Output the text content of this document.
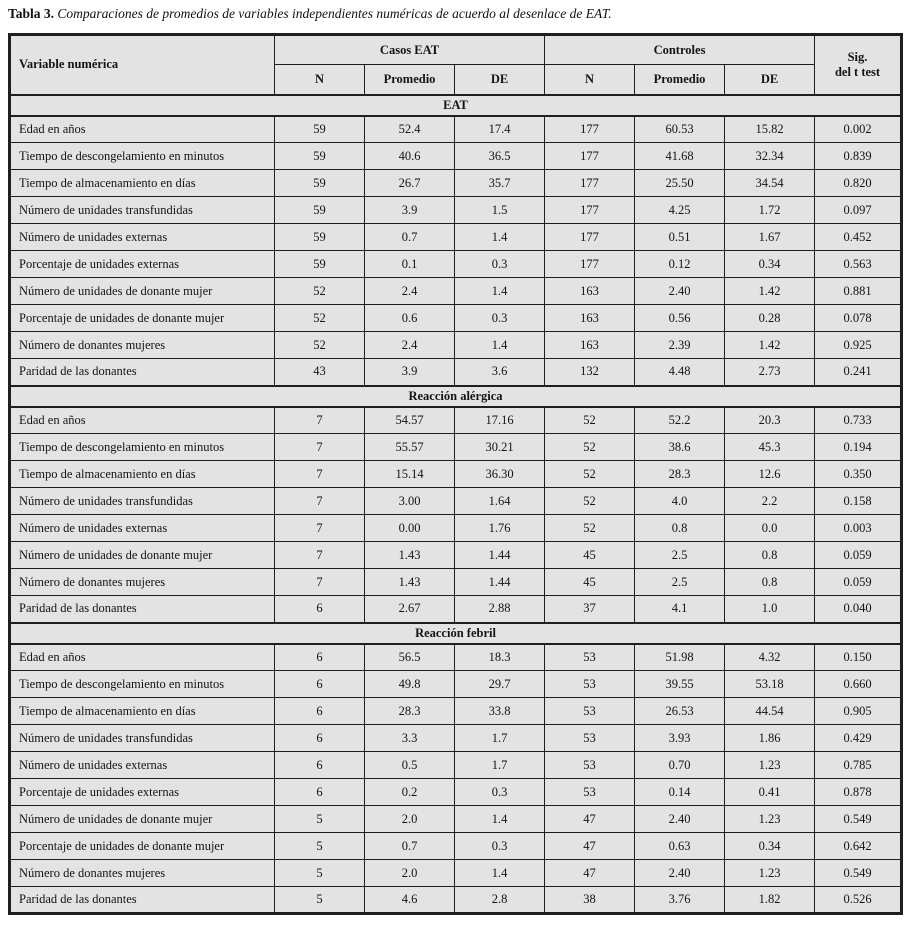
Tabla 3. Comparaciones de promedios de variables independientes numéricas de acuerdo al desenlace de EAT.

Variable numérica	Casos EAT			Controles			Sig.
del t test
	N	Promedio	DE	N	Promedio	DE	
EAT							
Edad en años	59	52.4	17.4	177	60.53	15.82	0.002
Tiempo de descongelamiento en minutos	59	40.6	36.5	177	41.68	32.34	0.839
Tiempo de almacenamiento en días	59	26.7	35.7	177	25.50	34.54	0.820
Número de unidades transfundidas	59	3.9	1.5	177	4.25	1.72	0.097
Número de unidades externas	59	0.7	1.4	177	0.51	1.67	0.452
Porcentaje de unidades externas	59	0.1	0.3	177	0.12	0.34	0.563
Número de unidades de donante mujer	52	2.4	1.4	163	2.40	1.42	0.881
Porcentaje de unidades de donante mujer	52	0.6	0.3	163	0.56	0.28	0.078
Número de donantes mujeres	52	2.4	1.4	163	2.39	1.42	0.925
Paridad de las donantes	43	3.9	3.6	132	4.48	2.73	0.241
Reacción alérgica							
Edad en años	7	54.57	17.16	52	52.2	20.3	0.733
Tiempo de descongelamiento en minutos	7	55.57	30.21	52	38.6	45.3	0.194
Tiempo de almacenamiento en días	7	15.14	36.30	52	28.3	12.6	0.350
Número de unidades transfundidas	7	3.00	1.64	52	4.0	2.2	0.158
Número de unidades externas	7	0.00	1.76	52	0.8	0.0	0.003
Número de unidades de donante mujer	7	1.43	1.44	45	2.5	0.8	0.059
Número de donantes mujeres	7	1.43	1.44	45	2.5	0.8	0.059
Paridad de las donantes	6	2.67	2.88	37	4.1	1.0	0.040
Reacción febril							
Edad en años	6	56.5	18.3	53	51.98	4.32	0.150
Tiempo de descongelamiento en minutos	6	49.8	29.7	53	39.55	53.18	0.660
Tiempo de almacenamiento en días	6	28.3	33.8	53	26.53	44.54	0.905
Número de unidades transfundidas	6	3.3	1.7	53	3.93	1.86	0.429
Número de unidades externas	6	0.5	1.7	53	0.70	1.23	0.785
Porcentaje de unidades externas	6	0.2	0.3	53	0.14	0.41	0.878
Número de unidades de donante mujer	5	2.0	1.4	47	2.40	1.23	0.549
Porcentaje de unidades de donante mujer	5	0.7	0.3	47	0.63	0.34	0.642
Número de donantes mujeres	5	2.0	1.4	47	2.40	1.23	0.549
Paridad de las donantes	5	4.6	2.8	38	3.76	1.82	0.526
